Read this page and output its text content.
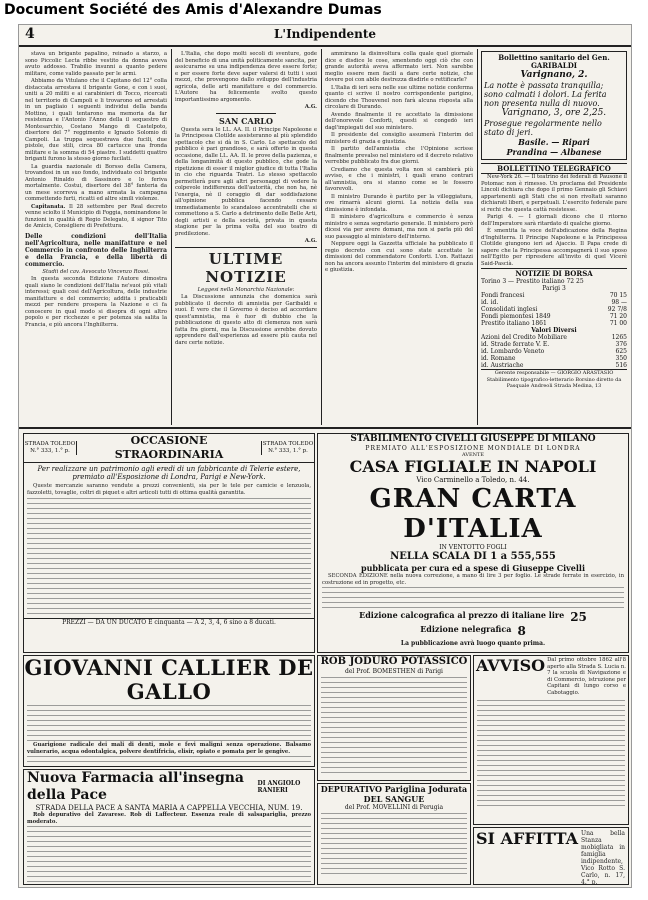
Document Société des Amis d'Alexandre Dumas
4	L'Indipendente

stava un brigante papalino, reinado a starzo, a sono Piccolic Lecta ribbe vestito da donna aveva avuto addosso. Trabilio insunni a quanto pedere militare, come valido passato per le armi.

Abbiamo da Vitulano che il Capitano del 12° colla distaccata arrestava il brigante Gone, e con i suoi, uniti a 20 militi e ai carabinieri di Tocco, ricercati nel territorio di Campoli e li trovarono ed arrestati in un pagliaio i seguenti individui della banda Mottino, i quali tentarono ma memoria da far resistenza e l'Antonio l'Anno della il sequestro di Montesarchio, Costano Mango di Castelpoto, disertore del 7° reggimento e Ignazio Solomio di Campoli. La truppa sequestrava due fucili, due pistole, due stili, circa 80 cartucce una fronda militare e la somma di 54 piastre. I suddetti quattro briganti furono la stesso giorno fucilati.

La guardia nazionale di Borsso della Camera, trovandosi in un suo fondo, individuato col brigante Antonio Rinaldo di Sassinoro e lo feriva mortalmente. Costui, disertore del 38° fanteria da un mese scorreva a mano armata la campagna commettendo furti, ricatti ed altre simili violenze.

Capitanata. Il 28 settembre per Real decreto venne sciolto il Municipio di Foggia, nominandone le funzioni in qualità di Regio Delegato, il signor Tito de Amicis, Consigliere di Prefettura.

Delle condizioni dell'Italia nell'Agricoltura, nelle manifatture e nel Commercio in confronto delle Inghilterra e della Francia, e della libertà di commercio.

Studii del cav. Avvocato Vincenzo Rossi.

In questa seconda Edizione l'Autore dimostra quali siano le condizioni dell'Italia ne'suoi più vitali interessi; quali cosi dell'Agricoltura, delle industrie manifatture e del commercio; addita i praticabili mezzi per rendere prospera la Nazione e ci fa conoscere in qual modo si disopra di ogni altro popolo e per ricchezze e per potenza sia salita la Francia, e più ancora l'Inghilterra.

L'Italia, che dopo molti secoli di sventure, gode del beneficio di una unità politicamente sancita, per assicurarne su una indipendenza deve essere forte; e per essere forte deve saper valersi di tutti i suoi mezzi, che provengono dallo sviluppo dell'industria agricola, delle arti manifatture e del commercio. L'Autore ha felicemente svolto questo importantissimo argomento.

A.G.

SAN CARLO

Questa sera le LL. AA. II. il Principe Napoleone e la Principessa Clotilde assisteranno al più splendido spettacolo che si dà in S. Carlo. Lo spettacolo del pubblico è pari grandioso, e sarà offerto in questa occasione, dalle LL. AA. II. le prove della pazienza, e della longanimità di questo pubblico, che gode la ripetizione di esser il miglior giudice di tutta l'Italia in cio che riguarda Teatri. Lo stesso spettacolo permetterà pure agli altri personaggi di vedere la colpevole indifferenza dell'autorità, che non ha, nè l'energia, nè il coraggio di dar soddisfazione all'opinione pubblica facendo cessare immediatamente lo scandaloso accentratelli che si commettono a S. Carlo a detrimento delle Belle Arti, degli artisti e della società, privata in questa stagione per la prima volta del suo teatro di predilezione.

A.G.

ULTIME NOTIZIE

Leggesi nella Monarchia Nazionale:

La Discussione annunzia che domenica sarà pubblicato il decreto di amnistia per Garibaldi e suoi. È vero che il Governo è deciso ad accordare quest'amnistia, ma è fuor di dubbio che la pubblicazione di questo atto di clemenza non sarà fatta fra giorni, ma la Discussione avrebbe dovuto apprendere dall'esperienza ad essere più cauta nel dare certe notizie.

ammirano la disinvoltura colla quale quel giornale dice e disdice le cose, smentendo oggi ciò che con grande autorità aveva affermato ieri. Non sarebbe meglio essere men facili a dare certe notizie, che dovere poi con abile destrezza disdirle o rettificarle?

L'Italia di ieri sera nelle sue ultime notizie conferma quanto ci scrive il nostro corrispondente parigino, dicendo che Thouvenel non farà alcuna risposta alla circolare di Durando.

Avendo finalmente il re accettato la dimissione dell'onorevole Conforti, questi si congedò ieri dagl'impiegati del suo ministero.

Il presidente del consiglio assumerà l'interim del ministero di grazia e giustizia.

Il partito dell'amnistia che l'Opinione scrisse finalmente prevalso nel ministero ed il decreto relativo verrebbe pubblicato fra due giorni.

Crediamo che questa volta non si cambierà più avviso, e che i ministri, i quali erano contrari all'amnistia, ora si stanno come se le fossero favorevoli.

Il ministro Durando è partito per la villeggiatura, ove rimarrà alcuni giorni. La notizia della sua dimissione è infondata.

Il ministero d'agricoltura e commercio è senza ministro e senza segretario generale. Il ministero però dicesi via per avere domani, ma non si parla più del suo passaggio al ministero dell'interno.

Neppure oggi la Gazzetta ufficiale ha pubblicato il regio decreto con cui sono state accettate le dimissioni del commendatore Conforti. L'on. Rattazzi non ha ancora assunto l'interim del ministero di grazia e giustizia.

Bollettino sanitario del Gen. GARIBALDI
Varignano, 2.
La notte è passata tranquilla; sono calmati i dolori. La ferita non presenta nulla di nuovo.
Varignano, 3, ore 2,25.
Prosegue regolarmente nello stato di jeri.
Basile. — Ripari
Prandina — Albanese
BOLLETTINO TELEGRAFICO

New-York 26. — Il teatrino dei federali di Pausone il Potomac non è rimesso. Un proclama del Presidente Lincoli dichiara che dopo il primo Gennaio gli Schiavi appartenenti agli Stati che si non rivoltati saranno dichiarati liberi, e perpetuali. L'esercito federale pare si rechi che questa cattà resistesse.

Parigi 4. — I giornali dicono che il ritorno dell'Imperatore sarà ritardato di qualche giorno.

È smentita la voce dell'abdicazione della Regina d'Inghilterra. Il Principe Napoleone e la Principessa Clotilde giungono ieri ad Ajaccio. Il Papa crede di sapere che la Principessa accompagnerà il suo sposo nell'Egitto per ripresdere all'invito di quel Vicerè Said-Pascià.

NOTIZIE DI BORSA
Torino 3 — Prestito italiano 72 25
Parigi 3
Fondi francesi	70 15
id. id.	98 —
Consolidati inglesi	92 7/8
Fondi piemontesi 1849	71 20
Prestito italiano 1861	71 00
Valori Diversi
Azioni del Credito Mobiliare	1265
id. Strade ferrate V. E.	376
id. Lombardo Veneto	625
id. Romane	350
id. Austriache	516
Gerente responsabile — GIORGIO ARASTASIO
Stabilimento tipografico-letterario Borsino diretto da Pasquale Andreoli Strada Medina, 13
STRADA TOLEDO N.° 333, 1.° p.
OCCASIONE STRAORDINARIA
STRADA TOLEDO N.° 333, 1.° p.
Per realizzare un patrimonio agli eredi di un fabbricante di Telerie estere, premiato all'Esposizione di Londra, Parigi e New-York.

Queste mercanzie saranno vendute a prezzi convenienti, sia per le tele per camicie e lenzuola, fazzoletti, tovaglie, coltri di piquet e altri articoli tutti di ottima qualità garantita.

PREZZI — DA UN DUCATO E cinquanta — A 2, 3, 4, 6 sino a 8 ducati.
STABILIMENTO CIVELLI GIUSEPPE DI MILANO
PREMIATO ALL'ESPOSIZIONE MONDIALE DI LONDRA
AVENTE
CASA FIGLIALE IN NAPOLI
Vico Carminello a Toledo, n. 44.
GRAN CARTA D'ITALIA
IN VENTOTTO FOGLI
NELLA SCALA DI 1 a 555,555
pubblicata per cura ed a spese di Giuseppe Civelli

SECONDA EDIZIONE nella nuova correzione, a mano di lire 3 per foglio. Le strade ferrate in esercizio, in costruzione ed in progetto, etc.

Edizione calcografica al prezzo di italiane lire 25
Edizione nelegrafica 8
La pubblicazione avrà luogo quanto prima.
GIOVANNI CALLIER DE GALLO

Guarigione radicale dei mali di denti, mole e fevi maligni senza operazione. Balsamo vulnerario, acqua odontalgica, polvere dentifricia, elisir, opiato e pomata per le gengive.

Nuova Farmacia all'insegna della Pace
DI ANGIOLO RANIERI
STRADA DELLA PACE A SANTA MARIA A CAPPELLA VECCHIA, NUM. 19.

Rob depurativo del Zavarese. Rob di Laffecteur. Essenza reale di salsapariglia, prezzo moderato.

ROB JODURO POTASSICO
del Prof. BOMESTHEN di Parigi
DEPURATIVO Pariglina Jodurata DEL SANGUE
del Prof. MOVELLINI di Perugia
AVVISO Dal primo ottobre 1862 all'8 aperto alla Strada S. Lucia n. 7 la scuola di Navigazione e di Commercio, istruzione per Capitani di lungo corso e Cabotaggio.

SI AFFITTA Una bella Stanza mobigliata in famiglia indipendente, Vico Rotto S. Carlo, n. 17, 4.° p.
